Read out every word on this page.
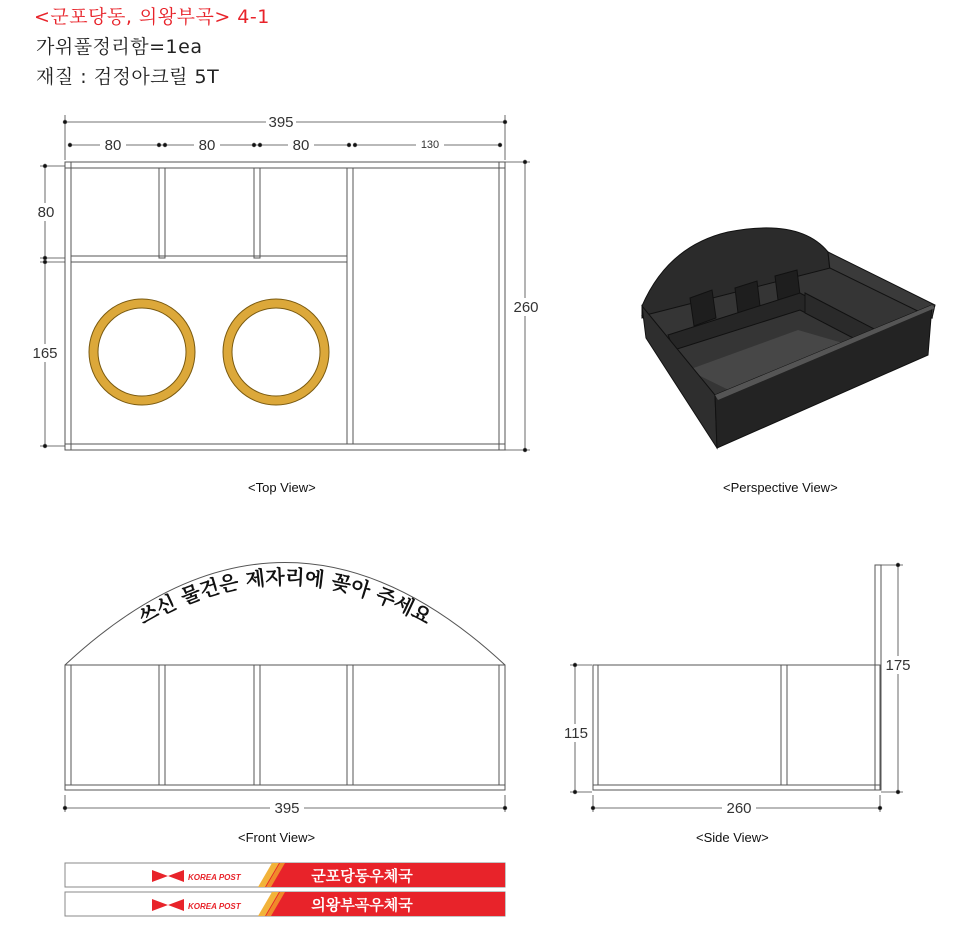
<군포당동, 의왕부곡> 4-1
가위풀정리함=1ea
재질 : 검정아크릴 5T
395
80	80	80	130
80
165
260
쓰신 물건은 제자리에 꽂아 주세요
395
115
175
260
KOREA POST	군포당동우체국
KOREA POST	의왕부곡우체국
<Top View>	<Perspective View>
<Front View>	<Side View>
